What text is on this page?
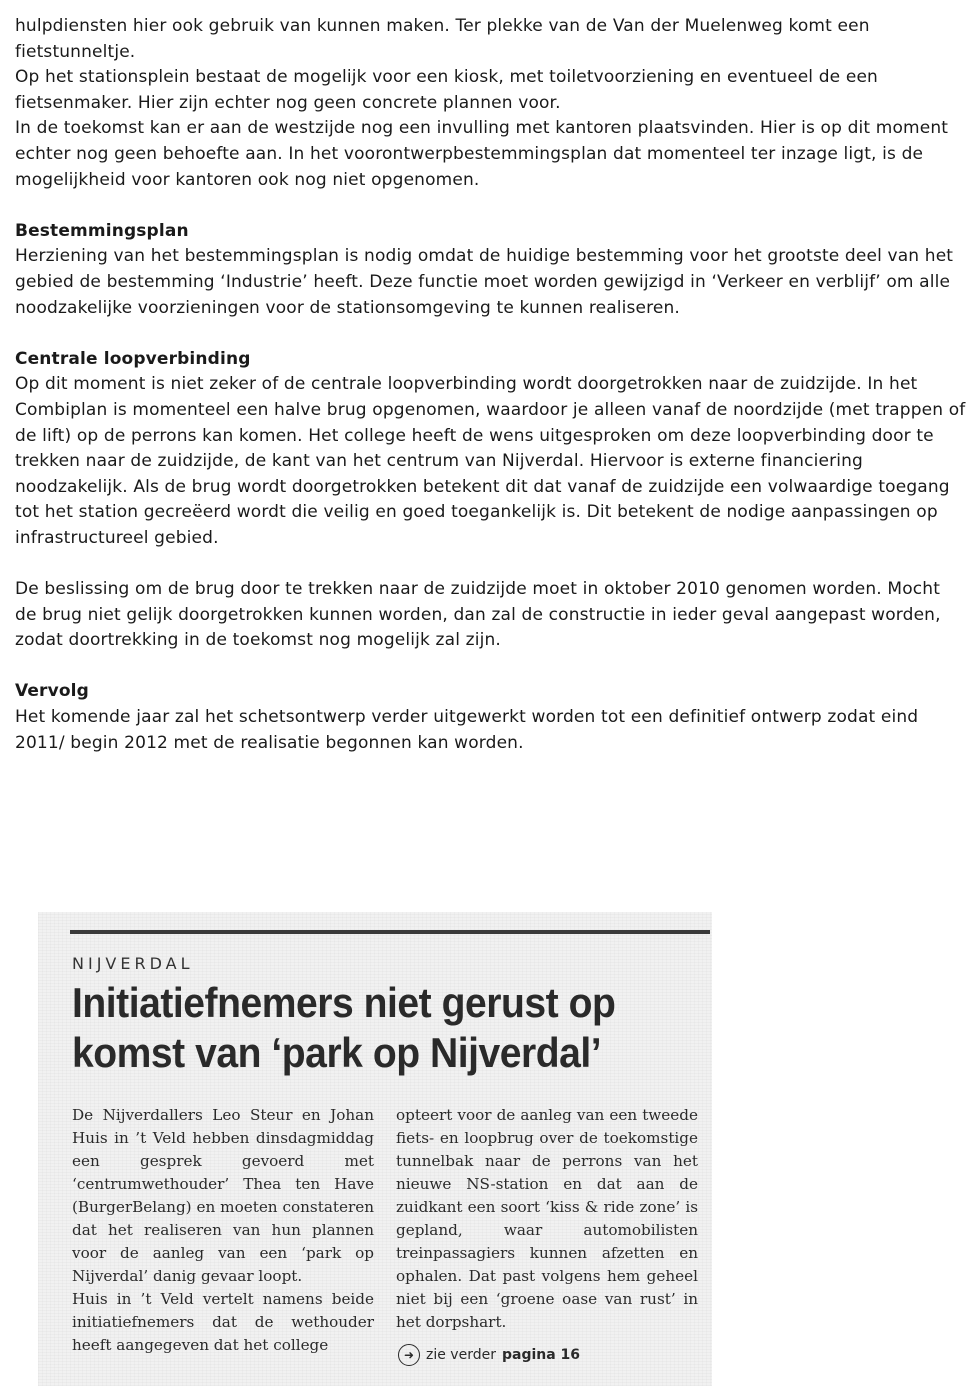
hulpdiensten hier ook gebruik van kunnen maken. Ter plekke van de Van der Muelenweg komt een fietstunneltje.

Op het stationsplein bestaat de mogelijk voor een kiosk, met toiletvoorziening en eventueel de een fietsenmaker. Hier zijn echter nog geen concrete plannen voor.

In de toekomst kan er aan de westzijde nog een invulling met kantoren plaatsvinden. Hier is op dit moment echter nog geen behoefte aan. In het voorontwerpbestemmingsplan dat momenteel ter inzage ligt, is de mogelijkheid voor kantoren ook nog niet opgenomen.

Bestemmingsplan

Herziening van het bestemmingsplan is nodig omdat de huidige bestemming voor het grootste deel van het gebied de bestemming ‘Industrie’ heeft. Deze functie moet worden gewijzigd in ‘Verkeer en verblijf’ om alle noodzakelijke voorzieningen voor de stationsomgeving te kunnen realiseren.

Centrale loopverbinding

Op dit moment is niet zeker of de centrale loopverbinding wordt doorgetrokken naar de zuidzijde. In het Combiplan is momenteel een halve brug opgenomen, waardoor je alleen vanaf de noordzijde (met trappen of de lift) op de perrons kan komen. Het college heeft de wens uitgesproken om deze loopverbinding door te trekken naar de zuidzijde, de kant van het centrum van Nijverdal. Hiervoor is externe financiering noodzakelijk. Als de brug wordt doorgetrokken betekent dit dat vanaf de zuidzijde een volwaardige toegang tot het station gecreëerd wordt die veilig en goed toegankelijk is. Dit betekent de nodige aanpassingen op infrastructureel gebied.

De beslissing om de brug door te trekken naar de zuidzijde moet in oktober 2010 genomen worden. Mocht de brug niet gelijk doorgetrokken kunnen worden, dan zal de constructie in ieder geval aangepast worden, zodat doortrekking in de toekomst nog mogelijk zal zijn.

Vervolg

Het komende jaar zal het schetsontwerp verder uitgewerkt worden tot een definitief ontwerp zodat eind 2011/ begin 2012 met de realisatie begonnen kan worden.

NIJVERDAL
Initiatiefnemers niet gerust op
komst van ‘park op Nijverdal’

De Nijverdallers Leo Steur en Johan Huis in ’t Veld hebben dinsdagmiddag een gesprek gevoerd met ‘centrumwethouder’ Thea ten Have (BurgerBelang) en moeten constateren dat het realiseren van hun plannen voor de aanleg van een ‘park op Nijverdal’ danig gevaar loopt.

Huis in ’t Veld vertelt namens beide initiatiefnemers dat de wethouder heeft aangegeven dat het college

opteert voor de aanleg van een tweede fiets- en loopbrug over de toekomstige tunnelbak naar de perrons van het nieuwe NS-station en dat aan de zuidkant een soort ‘kiss & ride zone’ is gepland, waar automobilisten treinpassagiers kunnen afzetten en ophalen. Dat past volgens hem geheel niet bij een ‘groene oase van rust’ in het dorpshart.

➜ zie verder pagina 16
